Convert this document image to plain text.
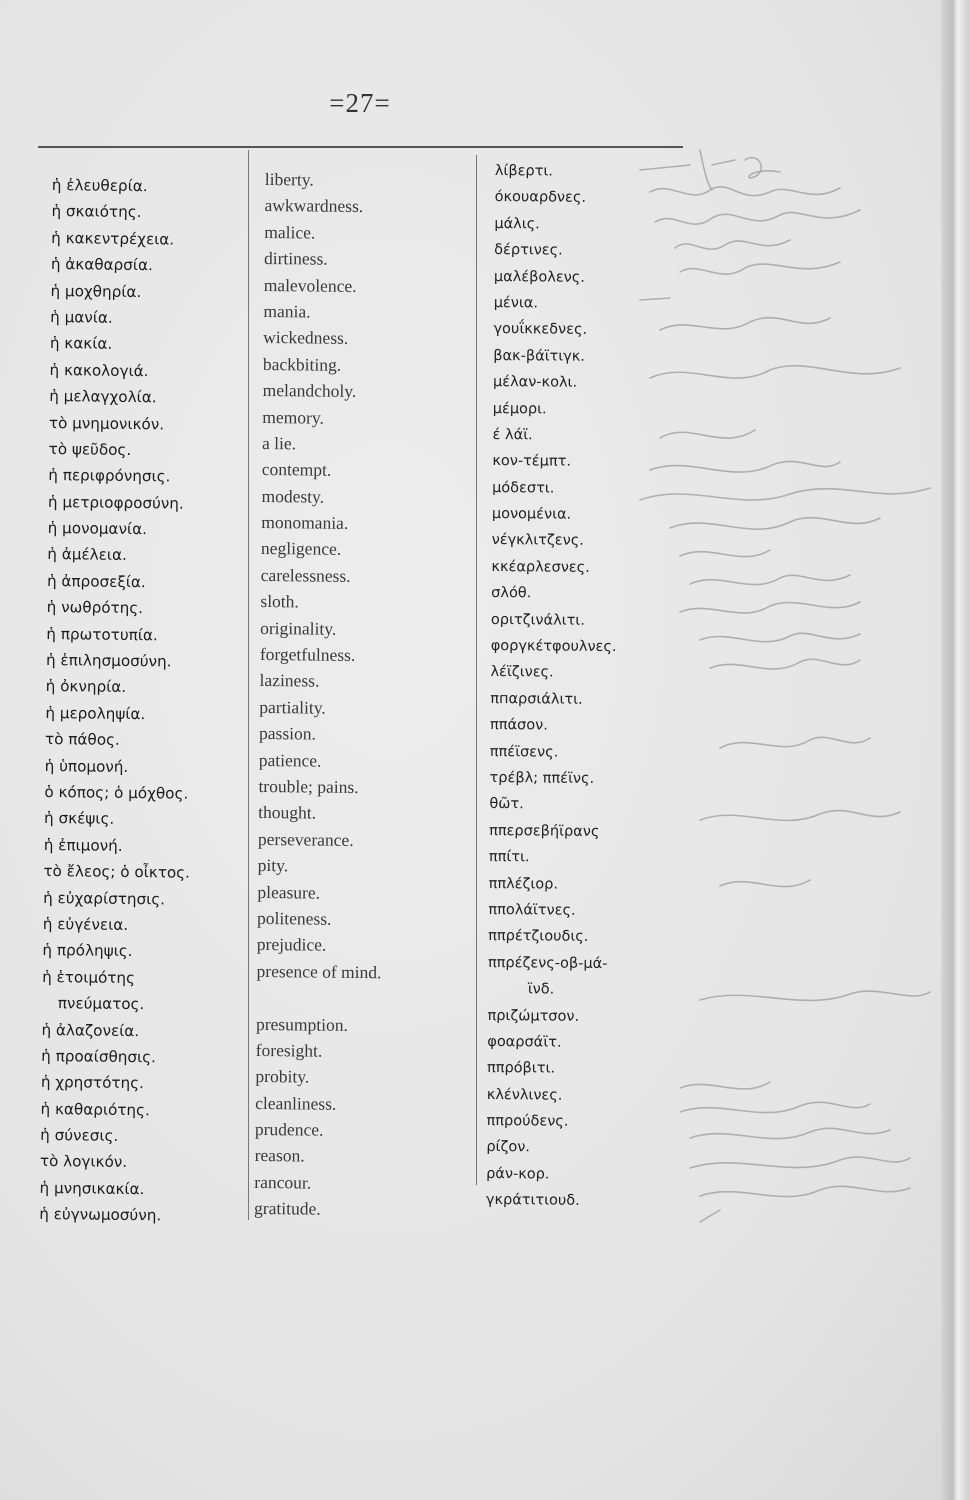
=27=
ἡ ἐλευθερία.
ἡ σκαιότης.
ἡ κακεντρέχεια.
ἡ ἀκαθαρσία.
ἡ μοχθηρία.
ἡ μανία.
ἡ κακία.
ἡ κακολογιά.
ἡ μελαγχολία.
τὸ μνημονικόν.
τὸ ψεῦδος.
ἡ περιφρόνησις.
ἡ μετριοφροσύνη.
ἡ μονομανία.
ἡ ἀμέλεια.
ἡ ἀπροσεξία.
ἡ νωθρότης.
ἡ πρωτοτυπία.
ἡ ἐπιλησμοσύνη.
ἡ ὀκνηρία.
ἡ μεροληψία.
τὸ πάθος.
ἡ ὑπομονή.
ὁ κόπος; ὁ μόχθος.
ἡ σκέψις.
ἡ ἐπιμονή.
τὸ ἔλεος; ὁ οἶκτος.
ἡ εὐχαρίστησις.
ἡ εὐγένεια.
ἡ πρόληψις.
ἡ ἑτοιμότης
πνεύματος.
ἡ ἀλαζονεία.
ἡ προαίσθησις.
ἡ χρηστότης.
ἡ καθαριότης.
ἡ σύνεσις.
τὸ λογικόν.
ἡ μνησικακία.
ἡ εὐγνωμοσύνη.
liberty.
awkwardness.
malice.
dirtiness.
malevolence.
mania.
wickedness.
backbiting.
melandcholy.
memory.
a lie.
contempt.
modesty.
monomania.
negligence.
carelessness.
sloth.
originality.
forgetfulness.
laziness.
partiality.
passion.
patience.
trouble; pains.
thought.
perseverance.
pity.
pleasure.
politeness.
prejudice.
presence of mind.
presumption.
foresight.
probity.
cleanliness.
prudence.
reason.
rancour.
gratitude.
λίβερτι.
όκουαρδνες.
μάλις.
δέρτινες.
μαλέβολενς.
μένια.
γουΐκκεδνες.
βακ-βάϊτιγκ.
μέλαν-κολι.
μέμορι.
έ λάϊ.
κον-τέμπτ.
μόδεστι.
μονομένια.
νέγκλιτζενς.
κκέαρλεσνες.
σλόθ.
οριτζινάλιτι.
φοργκέτφουλνες.
λέϊζινες.
πпαρσιάλιτι.
ππάσον.
ππέϊσενς.
τρέβλ; ππέϊνς.
θῶτ.
ππερσεβήϊρανς
ππίτι.
ππλέζιορ.
ππολάϊτνες.
ππρέτζιουδις.
ππρέζενς-οβ-μά-
ϊνδ.
πριζώμτσον.
φοαρσάϊτ.
ππρόβιτι.
κλένλινες.
ππρούδενς.
ρίζον.
ράν-κορ.
γκράτιτιουδ.
